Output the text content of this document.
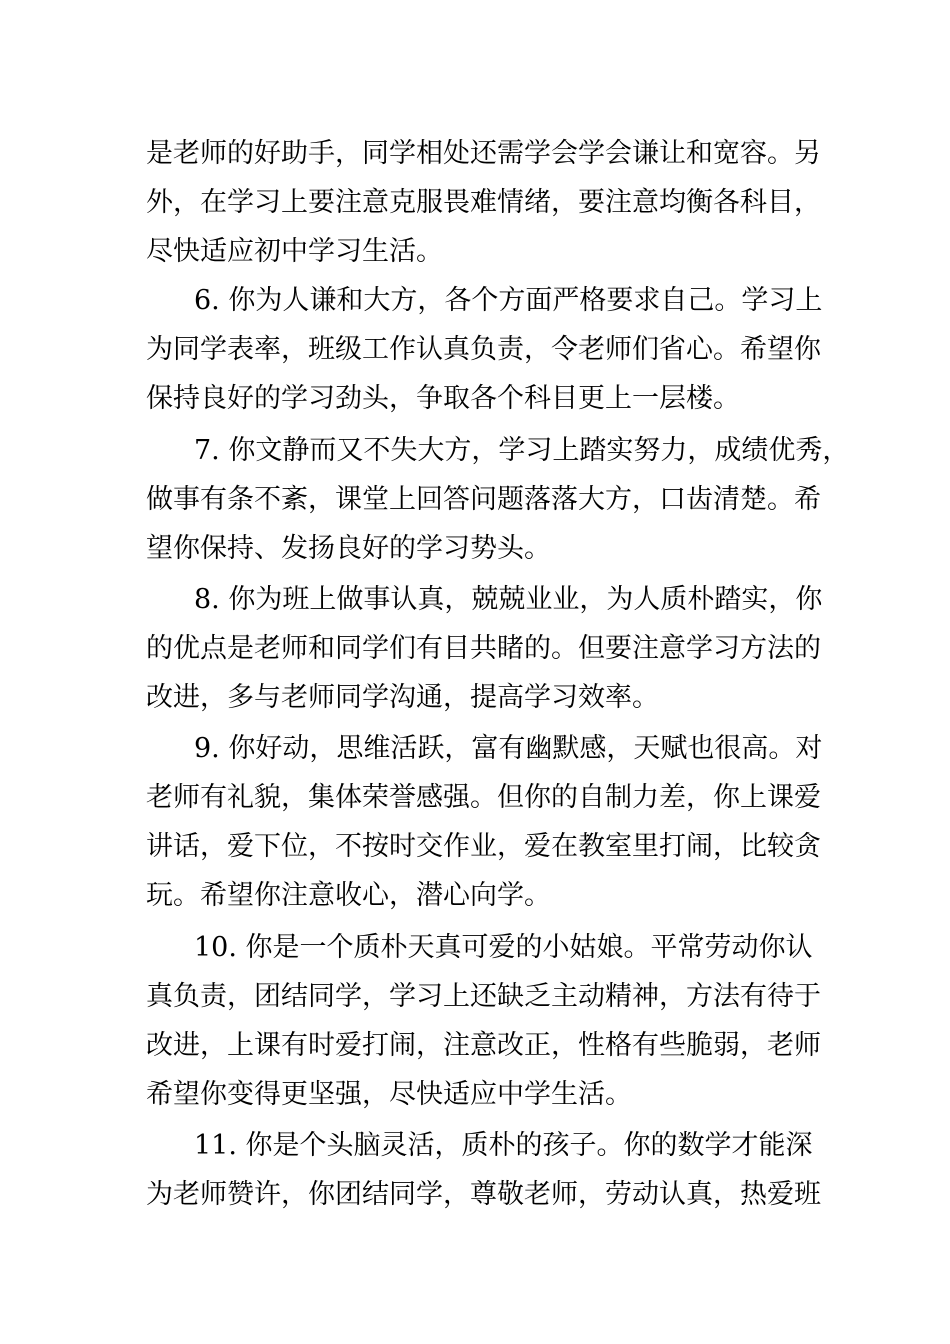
是老师的好助手，同学相处还需学会学会谦让和宽容。另
外，在学习上要注意克服畏难情绪，要注意均衡各科目，
尽快适应初中学习生活。
6. 你为人谦和大方，各个方面严格要求自己。学习上
为同学表率，班级工作认真负责，令老师们省心。希望你
保持良好的学习劲头，争取各个科目更上一层楼。
7. 你文静而又不失大方，学习上踏实努力，成绩优秀，
做事有条不紊，课堂上回答问题落落大方，口齿清楚。希
望你保持、发扬良好的学习势头。
8. 你为班上做事认真，兢兢业业，为人质朴踏实，你
的优点是老师和同学们有目共睹的。但要注意学习方法的
改进，多与老师同学沟通，提高学习效率。
9. 你好动，思维活跃，富有幽默感，天赋也很高。对
老师有礼貌，集体荣誉感强。但你的自制力差，你上课爱
讲话，爱下位，不按时交作业，爱在教室里打闹，比较贪
玩。希望你注意收心，潜心向学。
10. 你是一个质朴天真可爱的小姑娘。平常劳动你认
真负责，团结同学，学习上还缺乏主动精神，方法有待于
改进，上课有时爱打闹，注意改正，性格有些脆弱，老师
希望你变得更坚强，尽快适应中学生活。
11. 你是个头脑灵活，质朴的孩子。你的数学才能深
为老师赞许，你团结同学，尊敬老师，劳动认真，热爱班
